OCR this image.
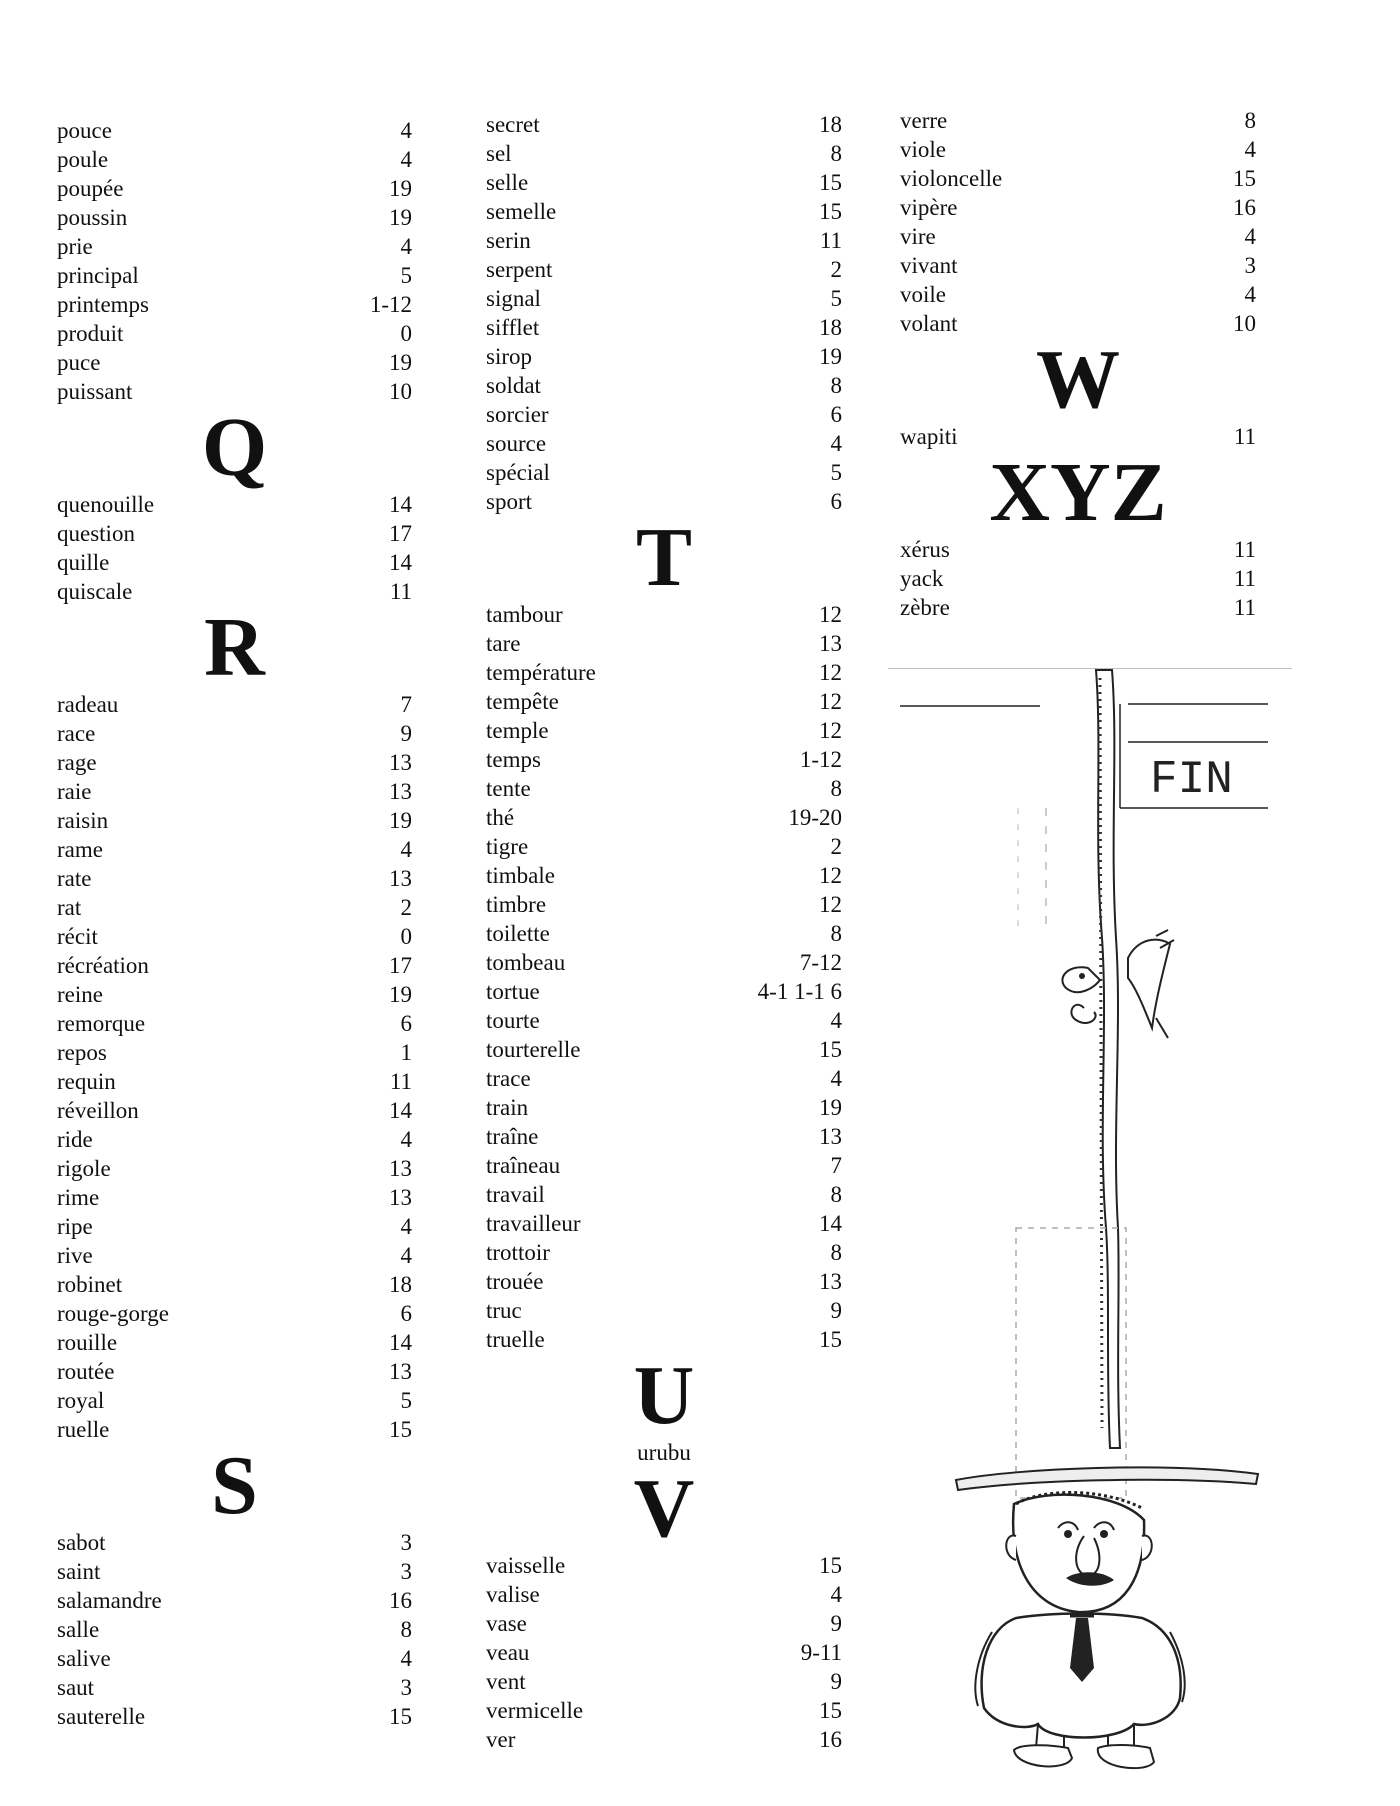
pouce	4
poule	4
poupée	19
poussin	19
prie	4
principal	5
printemps	1-12
produit	0
puce	19
puissant	10
Q
quenouille	14
question	17
quille	14
quiscale	11
R
radeau	7
race	9
rage	13
raie	13
raisin	19
rame	4
rate	13
rat	2
récit	0
récréation	17
reine	19
remorque	6
repos	1
requin	11
réveillon	14
ride	4
rigole	13
rime	13
ripe	4
rive	4
robinet	18
rouge-gorge	6
rouille	14
routée	13
royal	5
ruelle	15
S
sabot	3
saint	3
salamandre	16
salle	8
salive	4
saut	3
sauterelle	15
secret	18
sel	8
selle	15
semelle	15
serin	11
serpent	2
signal	5
sifflet	18
sirop	19
soldat	8
sorcier	6
source	4
spécial	5
sport	6
T
tambour	12
tare	13
température	12
tempête	12
temple	12
temps	1-12
tente	8
thé	19-20
tigre	2
timbale	12
timbre	12
toilette	8
tombeau	7-12
tortue	4-1 1-1 6
tourte	4
tourterelle	15
trace	4
train	19
traîne	13
traîneau	7
travail	8
travailleur	14
trottoir	8
trouée	13
truc	9
truelle	15
U
urubu
V
vaisselle	15
valise	4
vase	9
veau	9-11
vent	9
vermicelle	15
ver	16
verre	8
viole	4
violoncelle	15
vipère	16
vire	4
vivant	3
voile	4
volant	10
W
wapiti	11
XYZ
xérus	11
yack	11
zèbre	11
FIN
